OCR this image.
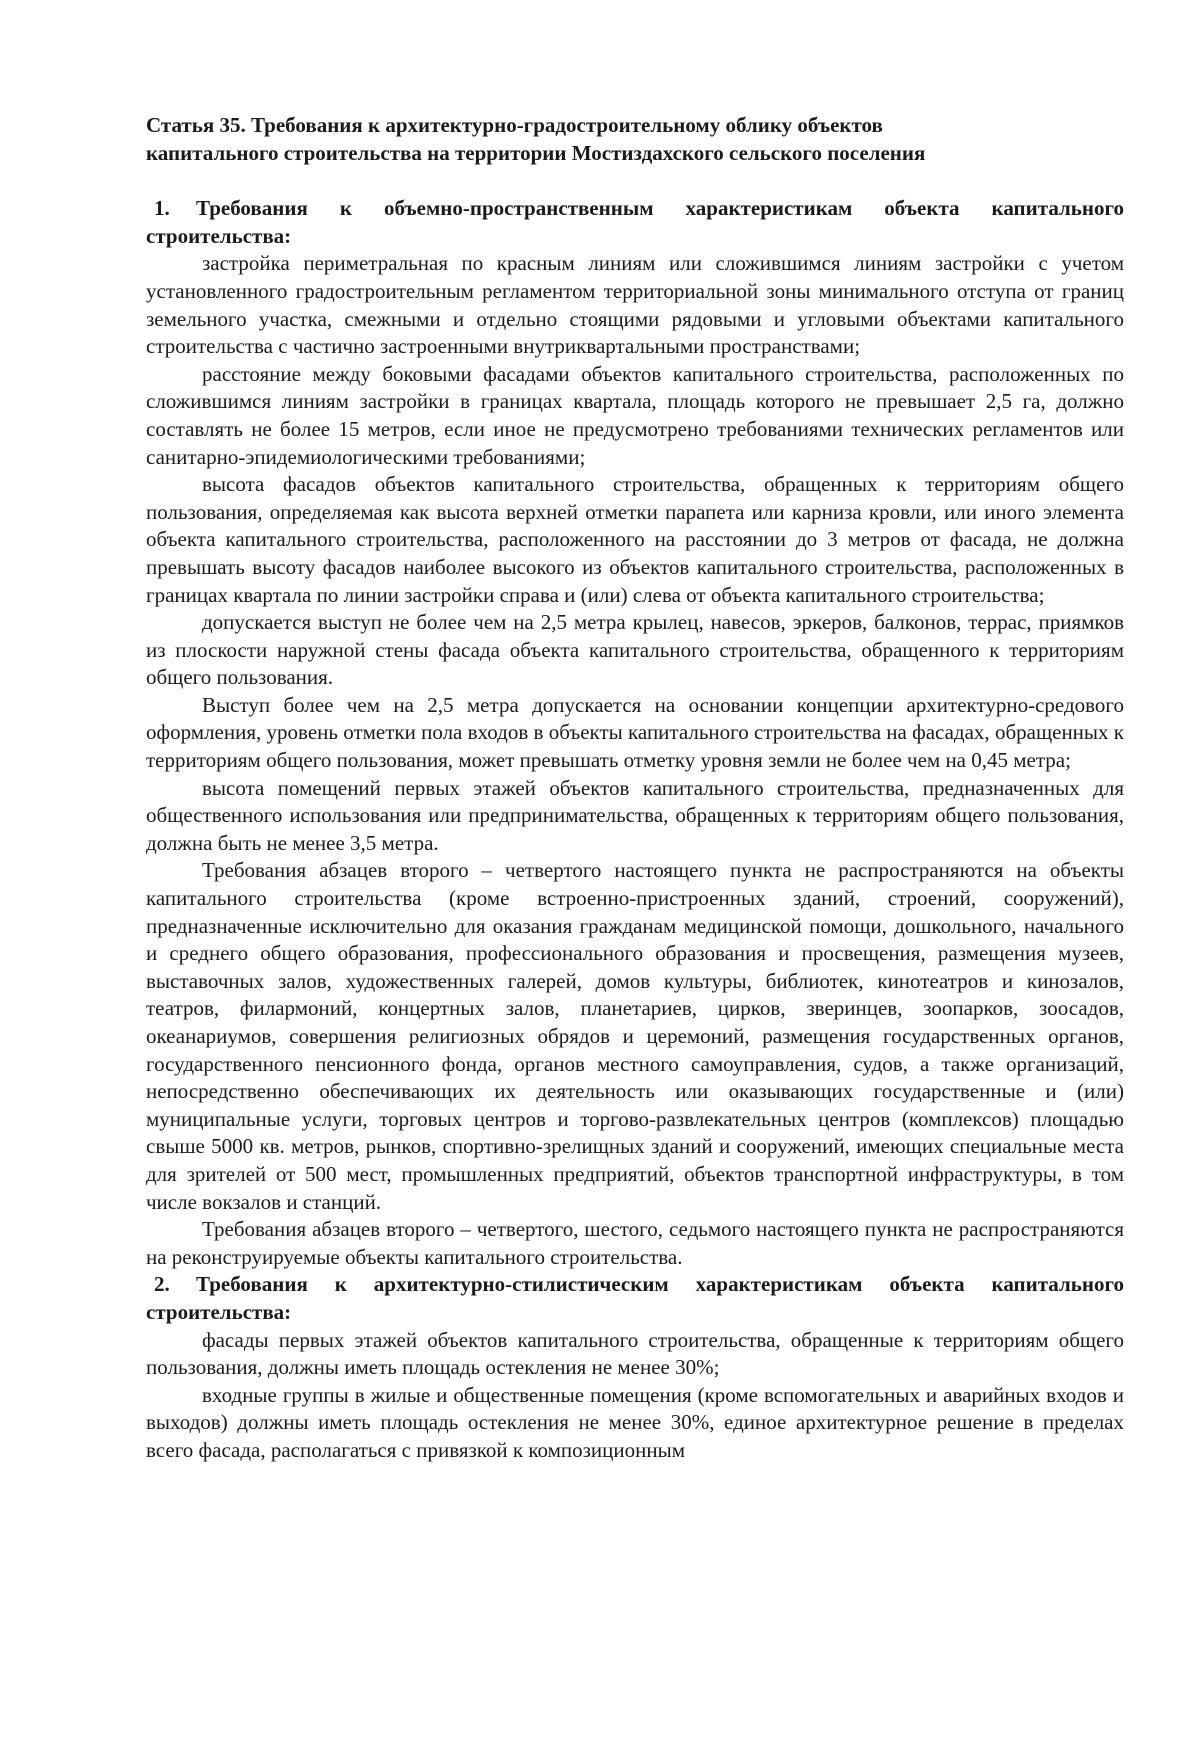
Статья 35. Требования к архитектурно-градостроительному облику объектов
капитального строительства на территории Мостиздахского сельского поселения
1. Требования к объемно-пространственным характеристикам объекта капитального строительства:

застройка периметральная по красным линиям или сложившимся линиям застройки с учетом установленного градостроительным регламентом территориальной зоны минимального отступа от границ земельного участка, смежными и отдельно стоящими рядовыми и угловыми объектами капитального строительства с частично застроенными внутриквартальными пространствами;

расстояние между боковыми фасадами объектов капитального строительства, расположенных по сложившимся линиям застройки в границах квартала, площадь которого не превышает 2,5 га, должно составлять не более 15 метров, если иное не предусмотрено требованиями технических регламентов или санитарно-эпидемиологическими требованиями;

высота фасадов объектов капитального строительства, обращенных к территориям общего пользования, определяемая как высота верхней отметки парапета или карниза кровли, или иного элемента объекта капитального строительства, расположенного на расстоянии до 3 метров от фасада, не должна превышать высоту фасадов наиболее высокого из объектов капитального строительства, расположенных в границах квартала по линии застройки справа и (или) слева от объекта капитального строительства;

допускается выступ не более чем на 2,5 метра крылец, навесов, эркеров, балконов, террас, приямков из плоскости наружной стены фасада объекта капитального строительства, обращенного к территориям общего пользования.

Выступ более чем на 2,5 метра допускается на основании концепции архитектурно-средового оформления, уровень отметки пола входов в объекты капитального строительства на фасадах, обращенных к территориям общего пользования, может превышать отметку уровня земли не более чем на 0,45 метра;

высота помещений первых этажей объектов капитального строительства, предназначенных для общественного использования или предпринимательства, обращенных к территориям общего пользования, должна быть не менее 3,5 метра.

Требования абзацев второго – четвертого настоящего пункта не распространяются на объекты капитального строительства (кроме встроенно-пристроенных зданий, строений, сооружений), предназначенные исключительно для оказания гражданам медицинской помощи, дошкольного, начального и среднего общего образования, профессионального образования и просвещения, размещения музеев, выставочных залов, художественных галерей, домов культуры, библиотек, кинотеатров и кинозалов, театров, филармоний, концертных залов, планетариев, цирков, зверинцев, зоопарков, зоосадов, океанариумов, совершения религиозных обрядов и церемоний, размещения государственных органов, государственного пенсионного фонда, органов местного самоуправления, судов, а также организаций, непосредственно обеспечивающих их деятельность или оказывающих государственные и (или) муниципальные услуги, торговых центров и торгово-развлекательных центров (комплексов) площадью свыше 5000 кв. метров, рынков, спортивно-зрелищных зданий и сооружений, имеющих специальные места для зрителей от 500 мест, промышленных предприятий, объектов транспортной инфраструктуры, в том числе вокзалов и станций.

Требования абзацев второго – четвертого, шестого, седьмого настоящего пункта не распространяются на реконструируемые объекты капитального строительства.

2. Требования к архитектурно-стилистическим характеристикам объекта капитального строительства:

фасады первых этажей объектов капитального строительства, обращенные к территориям общего пользования, должны иметь площадь остекления не менее 30%;

входные группы в жилые и общественные помещения (кроме вспомогательных и аварийных входов и выходов) должны иметь площадь остекления не менее 30%, единое архитектурное решение в пределах всего фасада, располагаться с привязкой к композиционным
